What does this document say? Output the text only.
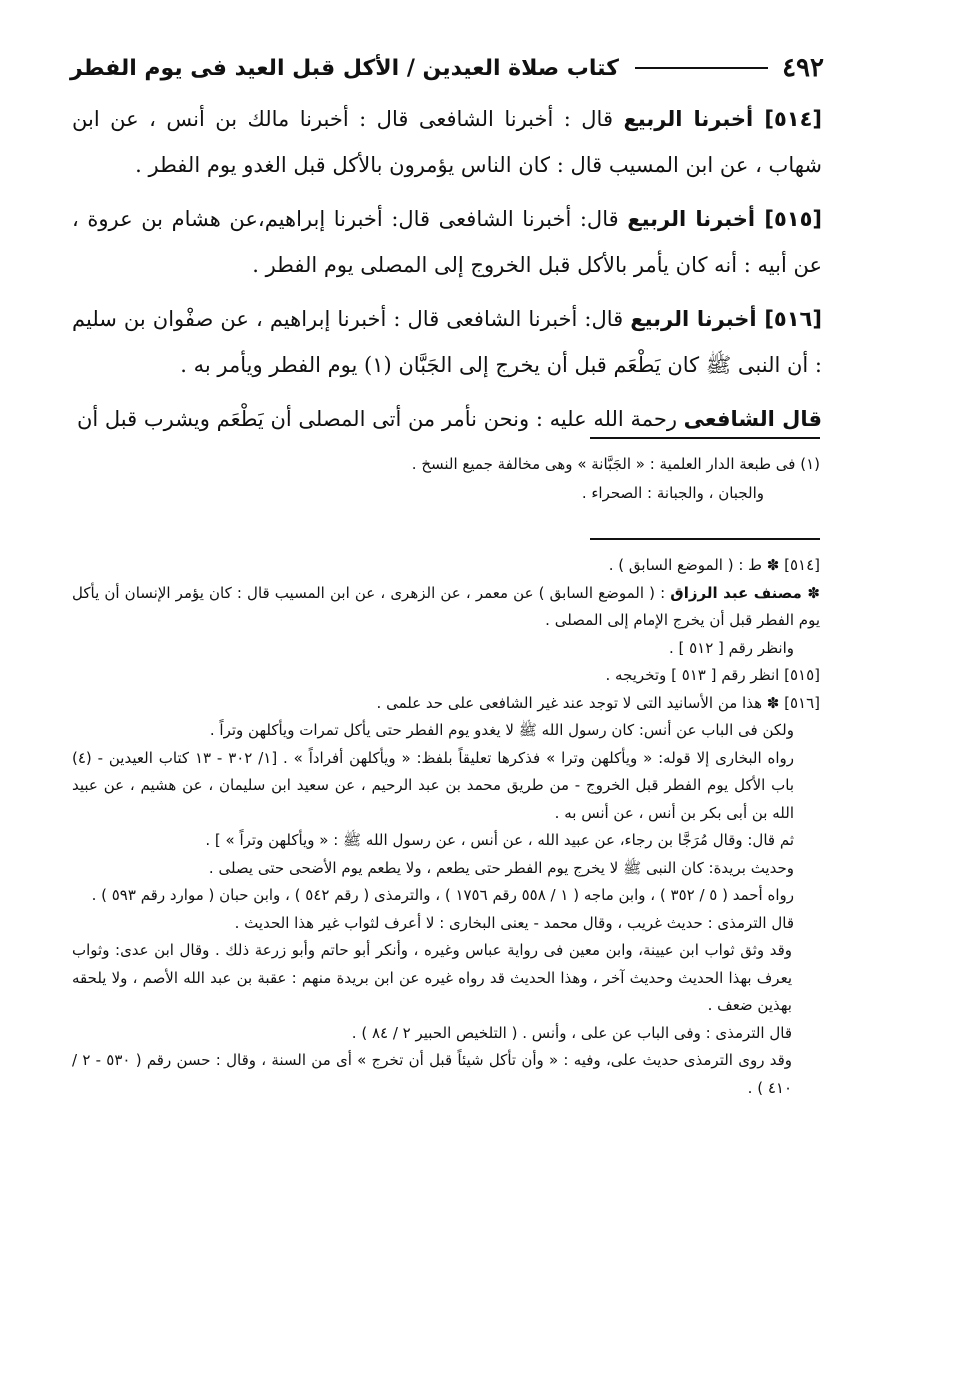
٤٩٢
كتاب صلاة العيدين / الأكل قبل العيد فى يوم الفطر

[٥١٤] أخبرنا الربيع قال : أخبرنا الشافعى قال : أخبرنا مالك بن أنس ، عن ابن شهاب ، عن ابن المسيب قال : كان الناس يؤمرون بالأكل قبل الغدو يوم الفطر .

[٥١٥] أخبرنا الربيع قال: أخبرنا الشافعى قال: أخبرنا إبراهيم،عن هشام بن عروة ، عن أبيه : أنه كان يأمر بالأكل قبل الخروج إلى المصلى يوم الفطر .

[٥١٦] أخبرنا الربيع قال: أخبرنا الشافعى قال : أخبرنا إبراهيم ، عن صفْوان بن سليم : أن النبى ﷺ كان يَطْعَم قبل أن يخرج إلى الجَبَّان (١) يوم الفطر ويأمر به .

قال الشافعى رحمة الله عليه : ونحن نأمر من أتى المصلى أن يَطْعَم ويشرب قبل أن

(١) فى طبعة الدار العلمية : « الجَبَّانة » وهى مخالفة جميع النسخ .

والجبان ، والجبانة : الصحراء .

[٥١٤] ✽ ط : ( الموضع السابق ) .

✽ مصنف عبد الرزاق : ( الموضع السابق ) عن معمر ، عن الزهرى ، عن ابن المسيب قال : كان يؤمر الإنسان أن يأكل يوم الفطر قبل أن يخرج الإمام إلى المصلى .

وانظر رقم [ ٥١٢ ] .

[٥١٥] انظر رقم [ ٥١٣ ] وتخريجه .

[٥١٦] ✽ هذا من الأسانيد التى لا توجد عند غير الشافعى على حد علمى .

ولكن فى الباب عن أنس: كان رسول الله ﷺ لا يغدو يوم الفطر حتى يأكل تمرات ويأكلهن وتراً .

رواه البخارى إلا قوله: « ويأكلهن وترا » فذكرها تعليقاً بلفظ: « ويأكلهن أفراداً » . [١/ ٣٠٢ - ١٣ كتاب العيدين - (٤) باب الأكل يوم الفطر قبل الخروج - من طريق محمد بن عبد الرحيم ، عن سعيد ابن سليمان ، عن هشيم ، عن عبيد الله بن أبى بكر بن أنس ، عن أنس به .

ثم قال: وقال مُرَجَّا بن رجاء، عن عبيد الله ، عن أنس ، عن رسول الله ﷺ : « ويأكلهن وتراً » ] .

وحديث بريدة: كان النبى ﷺ لا يخرج يوم الفطر حتى يطعم ، ولا يطعم يوم الأضحى حتى يصلى .

رواه أحمد ( ٥ / ٣٥٢ ) ، وابن ماجه ( ١ / ٥٥٨ رقم ١٧٥٦ ) ، والترمذى ( رقم ٥٤٢ ) ، وابن حبان ( موارد رقم ٥٩٣ ) .

قال الترمذى : حديث غريب ، وقال محمد - يعنى البخارى : لا أعرف لثواب غير هذا الحديث .

وقد وثق ثواب ابن عيينة، وابن معين فى رواية عباس وغيره ، وأنكر أبو حاتم وأبو زرعة ذلك . وقال ابن عدى: وثواب يعرف بهذا الحديث وحديث آخر ، وهذا الحديث قد رواه غيره عن ابن بريدة منهم : عقبة بن عبد الله الأصم ، ولا يلحقه بهذين ضعف .

قال الترمذى : وفى الباب عن على ، وأنس . ( التلخيص الحبير ٢ / ٨٤ ) .

وقد روى الترمذى حديث على، وفيه : « وأن تأكل شيئاً قبل أن تخرج » أى من السنة ، وقال : حسن رقم ( ٥٣٠ - ٢ / ٤١٠ ) .
